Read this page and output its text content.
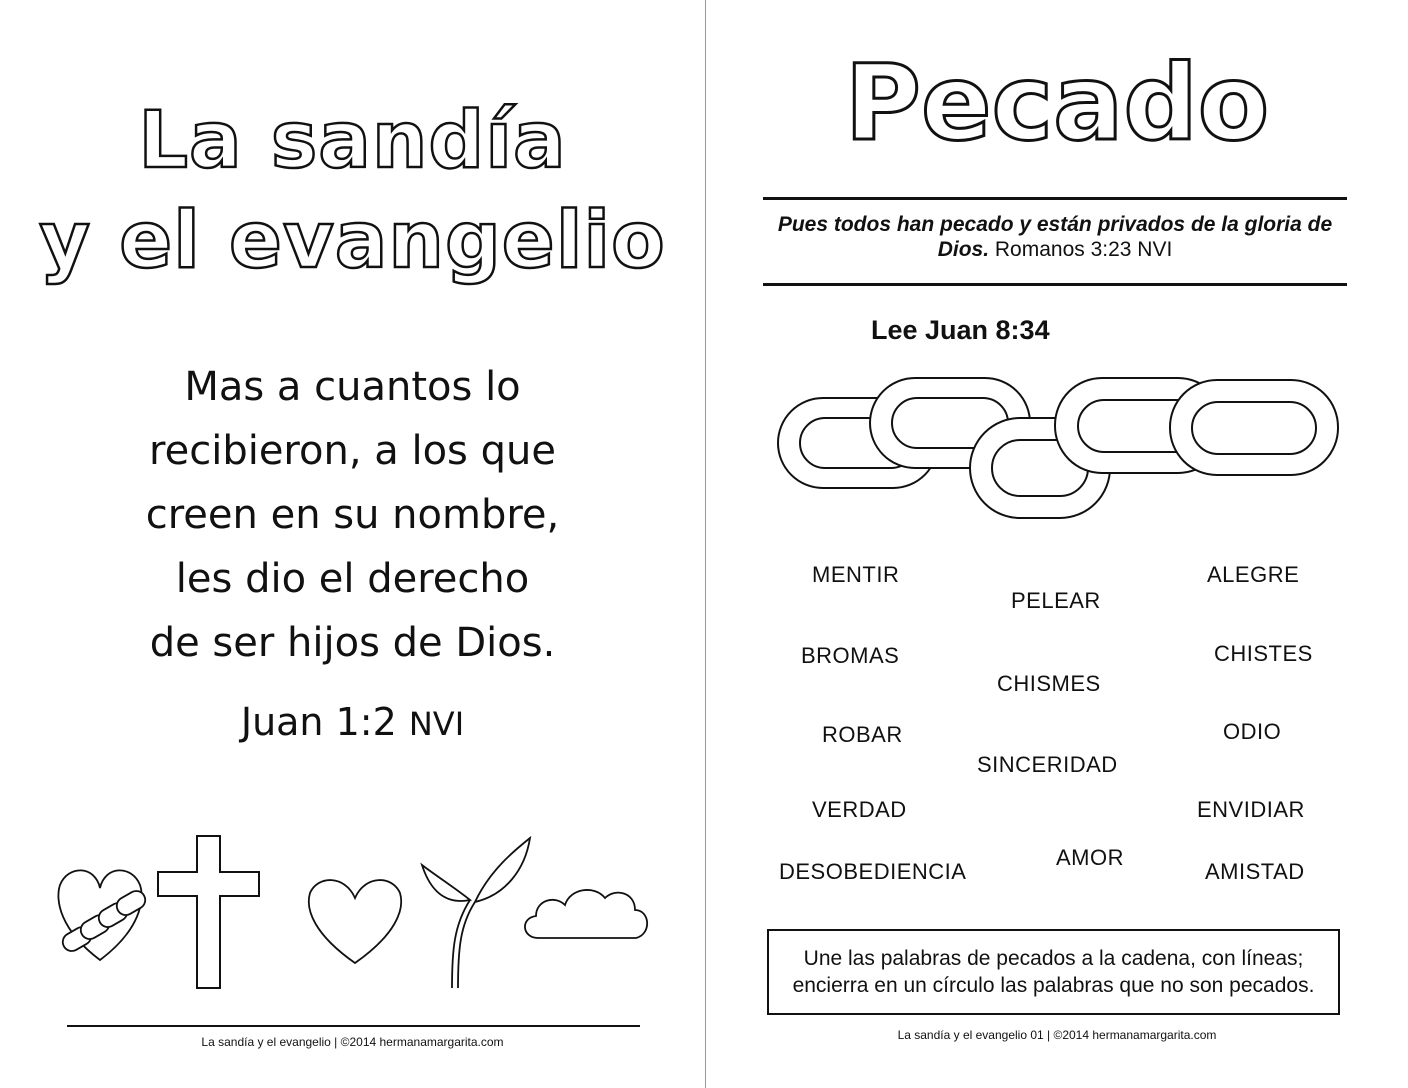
La sandía
y el evangelio
Mas a cuantos lo
recibieron, a los que
creen en su nombre,
les dio el derecho
de ser hijos de Dios.
Juan 1:2 NVI
La sandía y el evangelio | ©2014 hermanamargarita.com
Pecado
Pues todos han pecado y están privados de la gloria de Dios. Romanos 3:23 NVI
Lee Juan 8:34
MENTIR
PELEAR
ALEGRE
BROMAS
CHISMES
CHISTES
ROBAR
SINCERIDAD
ODIO
VERDAD	ENVIDIAR
DESOBEDIENCIA
AMOR
AMISTAD
Une las palabras de pecados a la cadena, con líneas;
encierra en un círculo las palabras que no son pecados.
La sandía y el evangelio 01 | ©2014 hermanamargarita.com
